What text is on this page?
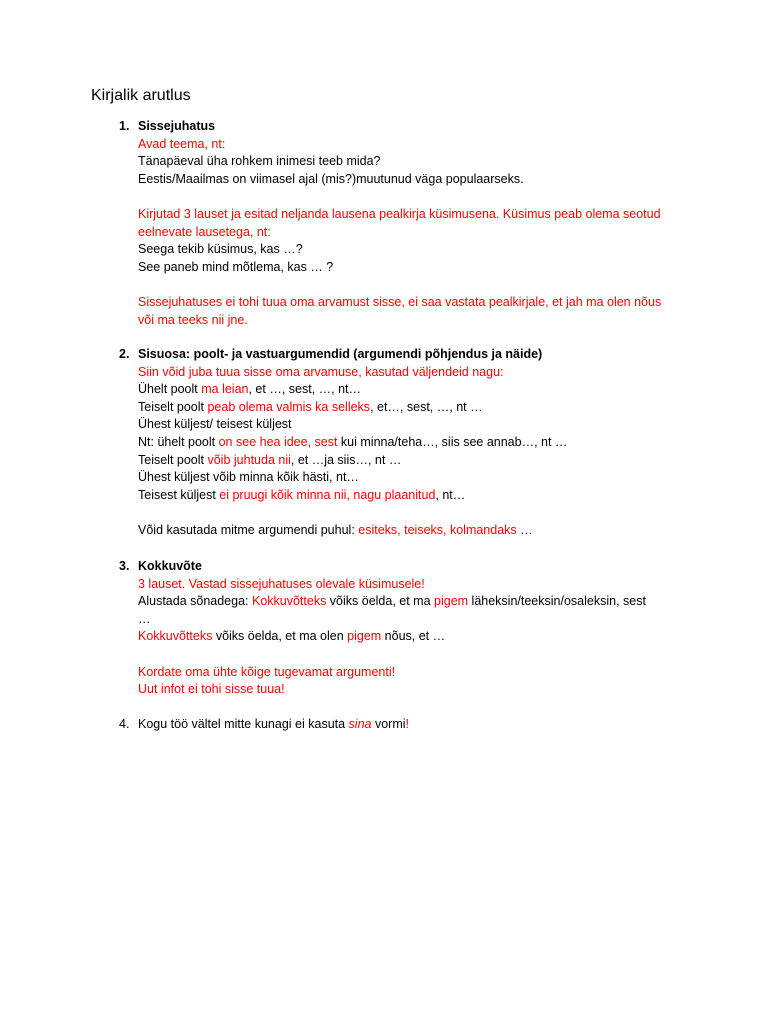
Kirjalik arutlus
1. Sissejuhatus
Avad teema, nt:
Tänapäeval üha rohkem inimesi teeb mida?
Eestis/Maailmas on viimasel ajal (mis?)muutunud väga populaarseks.
Kirjutad 3 lauset ja esitad neljanda lausena pealkirja küsimusena. Küsimus peab olema seotud eelnevate lausetega, nt:
Seega tekib küsimus, kas …?
See paneb mind mõtlema, kas … ?
Sissejuhatuses ei tohi tuua oma arvamust sisse, ei saa vastata pealkirjale, et jah ma olen nõus või ma teeks nii jne.
2. Sisuosa: poolt- ja vastuargumendid (argumendi põhjendus ja näide)
Siin võid juba tuua sisse oma arvamuse, kasutad väljendeid nagu:
Ühelt poolt ma leian, et …, sest, …, nt…
Teiselt poolt peab olema valmis ka selleks, et…, sest, …, nt …
Ühest küljest/ teisest küljest
Nt: ühelt poolt on see hea idee, sest kui minna/teha…, siis see annab…, nt …
Teiselt poolt võib juhtuda nii, et …ja siis…, nt …
Ühest küljest võib minna kõik hästi, nt…
Teisest küljest ei pruugi kõik minna nii, nagu plaanitud, nt…
Võid kasutada mitme argumendi puhul: esiteks, teiseks, kolmandaks …
3. Kokkuvõte
3 lauset. Vastad sissejuhatuses olevale küsimusele!
Alustada sõnadega: Kokkuvõtteks võiks öelda, et ma pigem läheksin/teeksin/osaleksin, sest
…
Kokkuvõtteks võiks öelda, et ma olen pigem nõus, et …
Kordate oma ühte kõige tugevamat argumenti!
Uut infot ei tohi sisse tuua!
4. Kogu töö vältel mitte kunagi ei kasuta sina vormi!
